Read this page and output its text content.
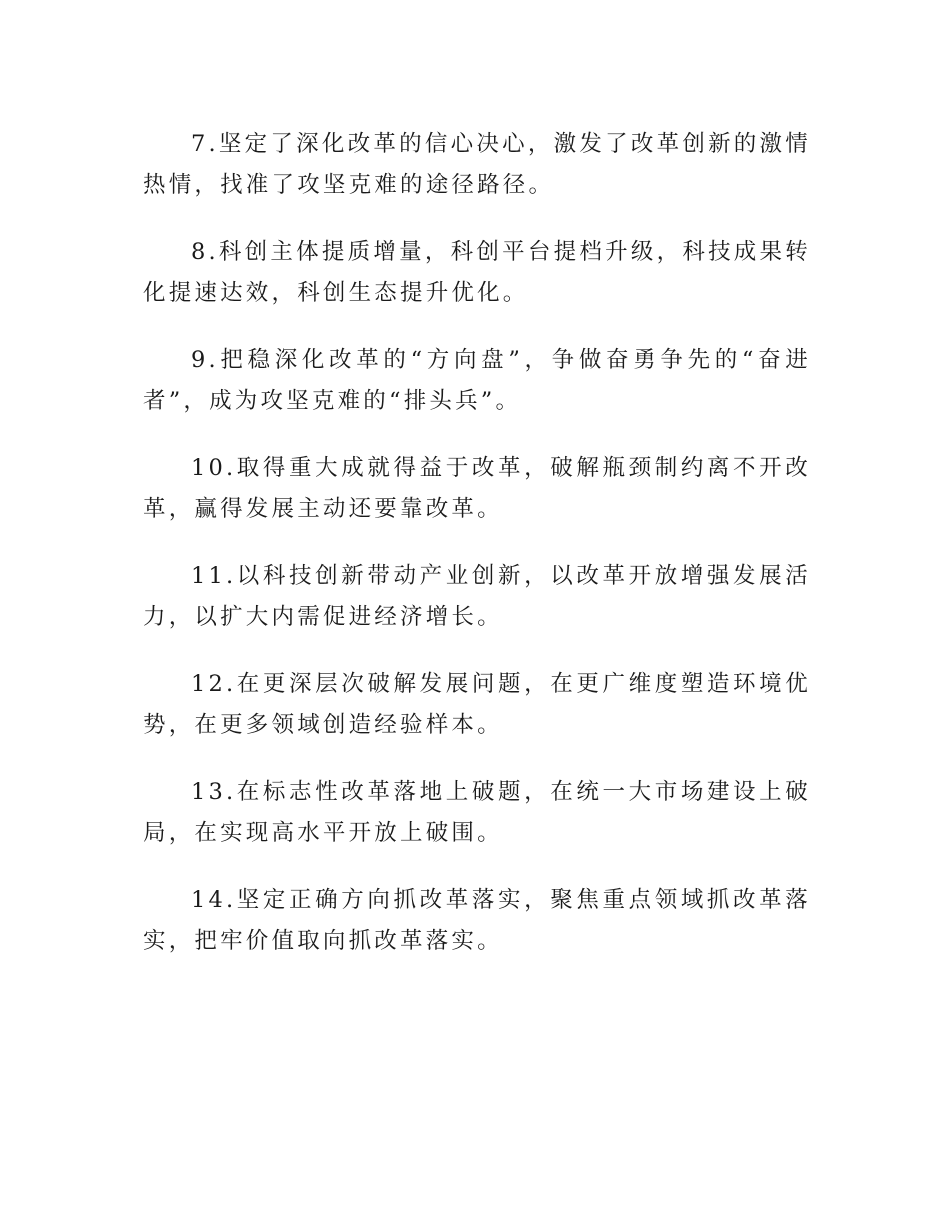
7.坚定了深化改革的信心决心，激发了改革创新的激情热情，找准了攻坚克难的途径路径。

8.科创主体提质增量，科创平台提档升级，科技成果转化提速达效，科创生态提升优化。

9.把稳深化改革的“方向盘”，争做奋勇争先的“奋进者”，成为攻坚克难的“排头兵”。

10.取得重大成就得益于改革，破解瓶颈制约离不开改革，赢得发展主动还要靠改革。

11.以科技创新带动产业创新，以改革开放增强发展活力，以扩大内需促进经济增长。

12.在更深层次破解发展问题，在更广维度塑造环境优势，在更多领域创造经验样本。

13.在标志性改革落地上破题，在统一大市场建设上破局，在实现高水平开放上破围。

14.坚定正确方向抓改革落实，聚焦重点领域抓改革落实，把牢价值取向抓改革落实。
